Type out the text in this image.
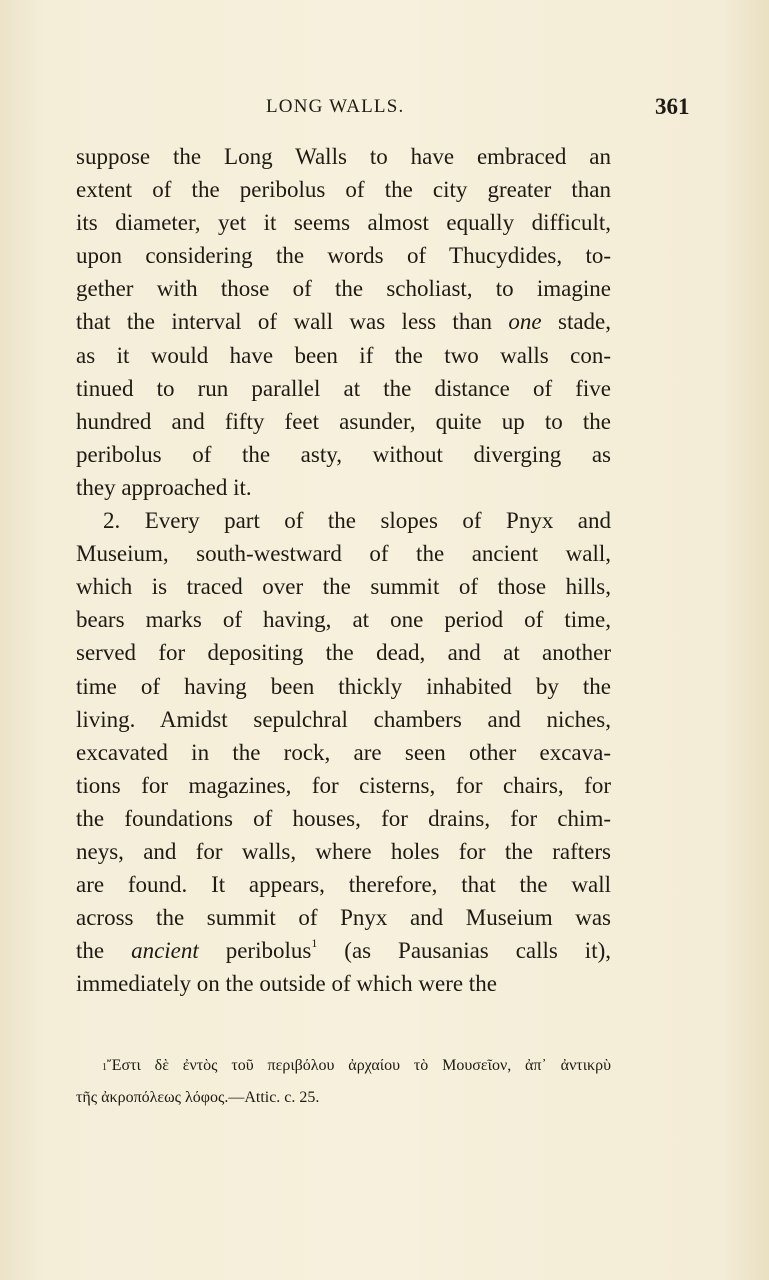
LONG WALLS.	361
suppose the Long Walls to have embraced an
extent of the peribolus of the city greater than
its diameter, yet it seems almost equally difficult,
upon considering the words of Thucydides, to-
gether with those of the scholiast, to imagine
that the interval of wall was less than one stade,
as it would have been if the two walls con-
tinued to run parallel at the distance of five
hundred and fifty feet asunder, quite up to the
peribolus of the asty, without diverging as
they approached it.
2. Every part of the slopes of Pnyx and
Museium, south-westward of the ancient wall,
which is traced over the summit of those hills,
bears marks of having, at one period of time,
served for depositing the dead, and at another
time of having been thickly inhabited by the
living. Amidst sepulchral chambers and niches,
excavated in the rock, are seen other excava-
tions for magazines, for cisterns, for chairs, for
the foundations of houses, for drains, for chim-
neys, and for walls, where holes for the rafters
are found. It appears, therefore, that the wall
across the summit of Pnyx and Museium was
the ancient peribolus$^1$ (as Pausanias calls it),
immediately on the outside of which were the
$^1$Ἔστι δὲ ἐντὸς τοῦ περιβόλου ἀρχαίου τὸ Μουσεῖον, ἀπ᾽ ἀντικρὺ
τῆς ἀκροπόλεως λόφος.—Attic. c. 25.
